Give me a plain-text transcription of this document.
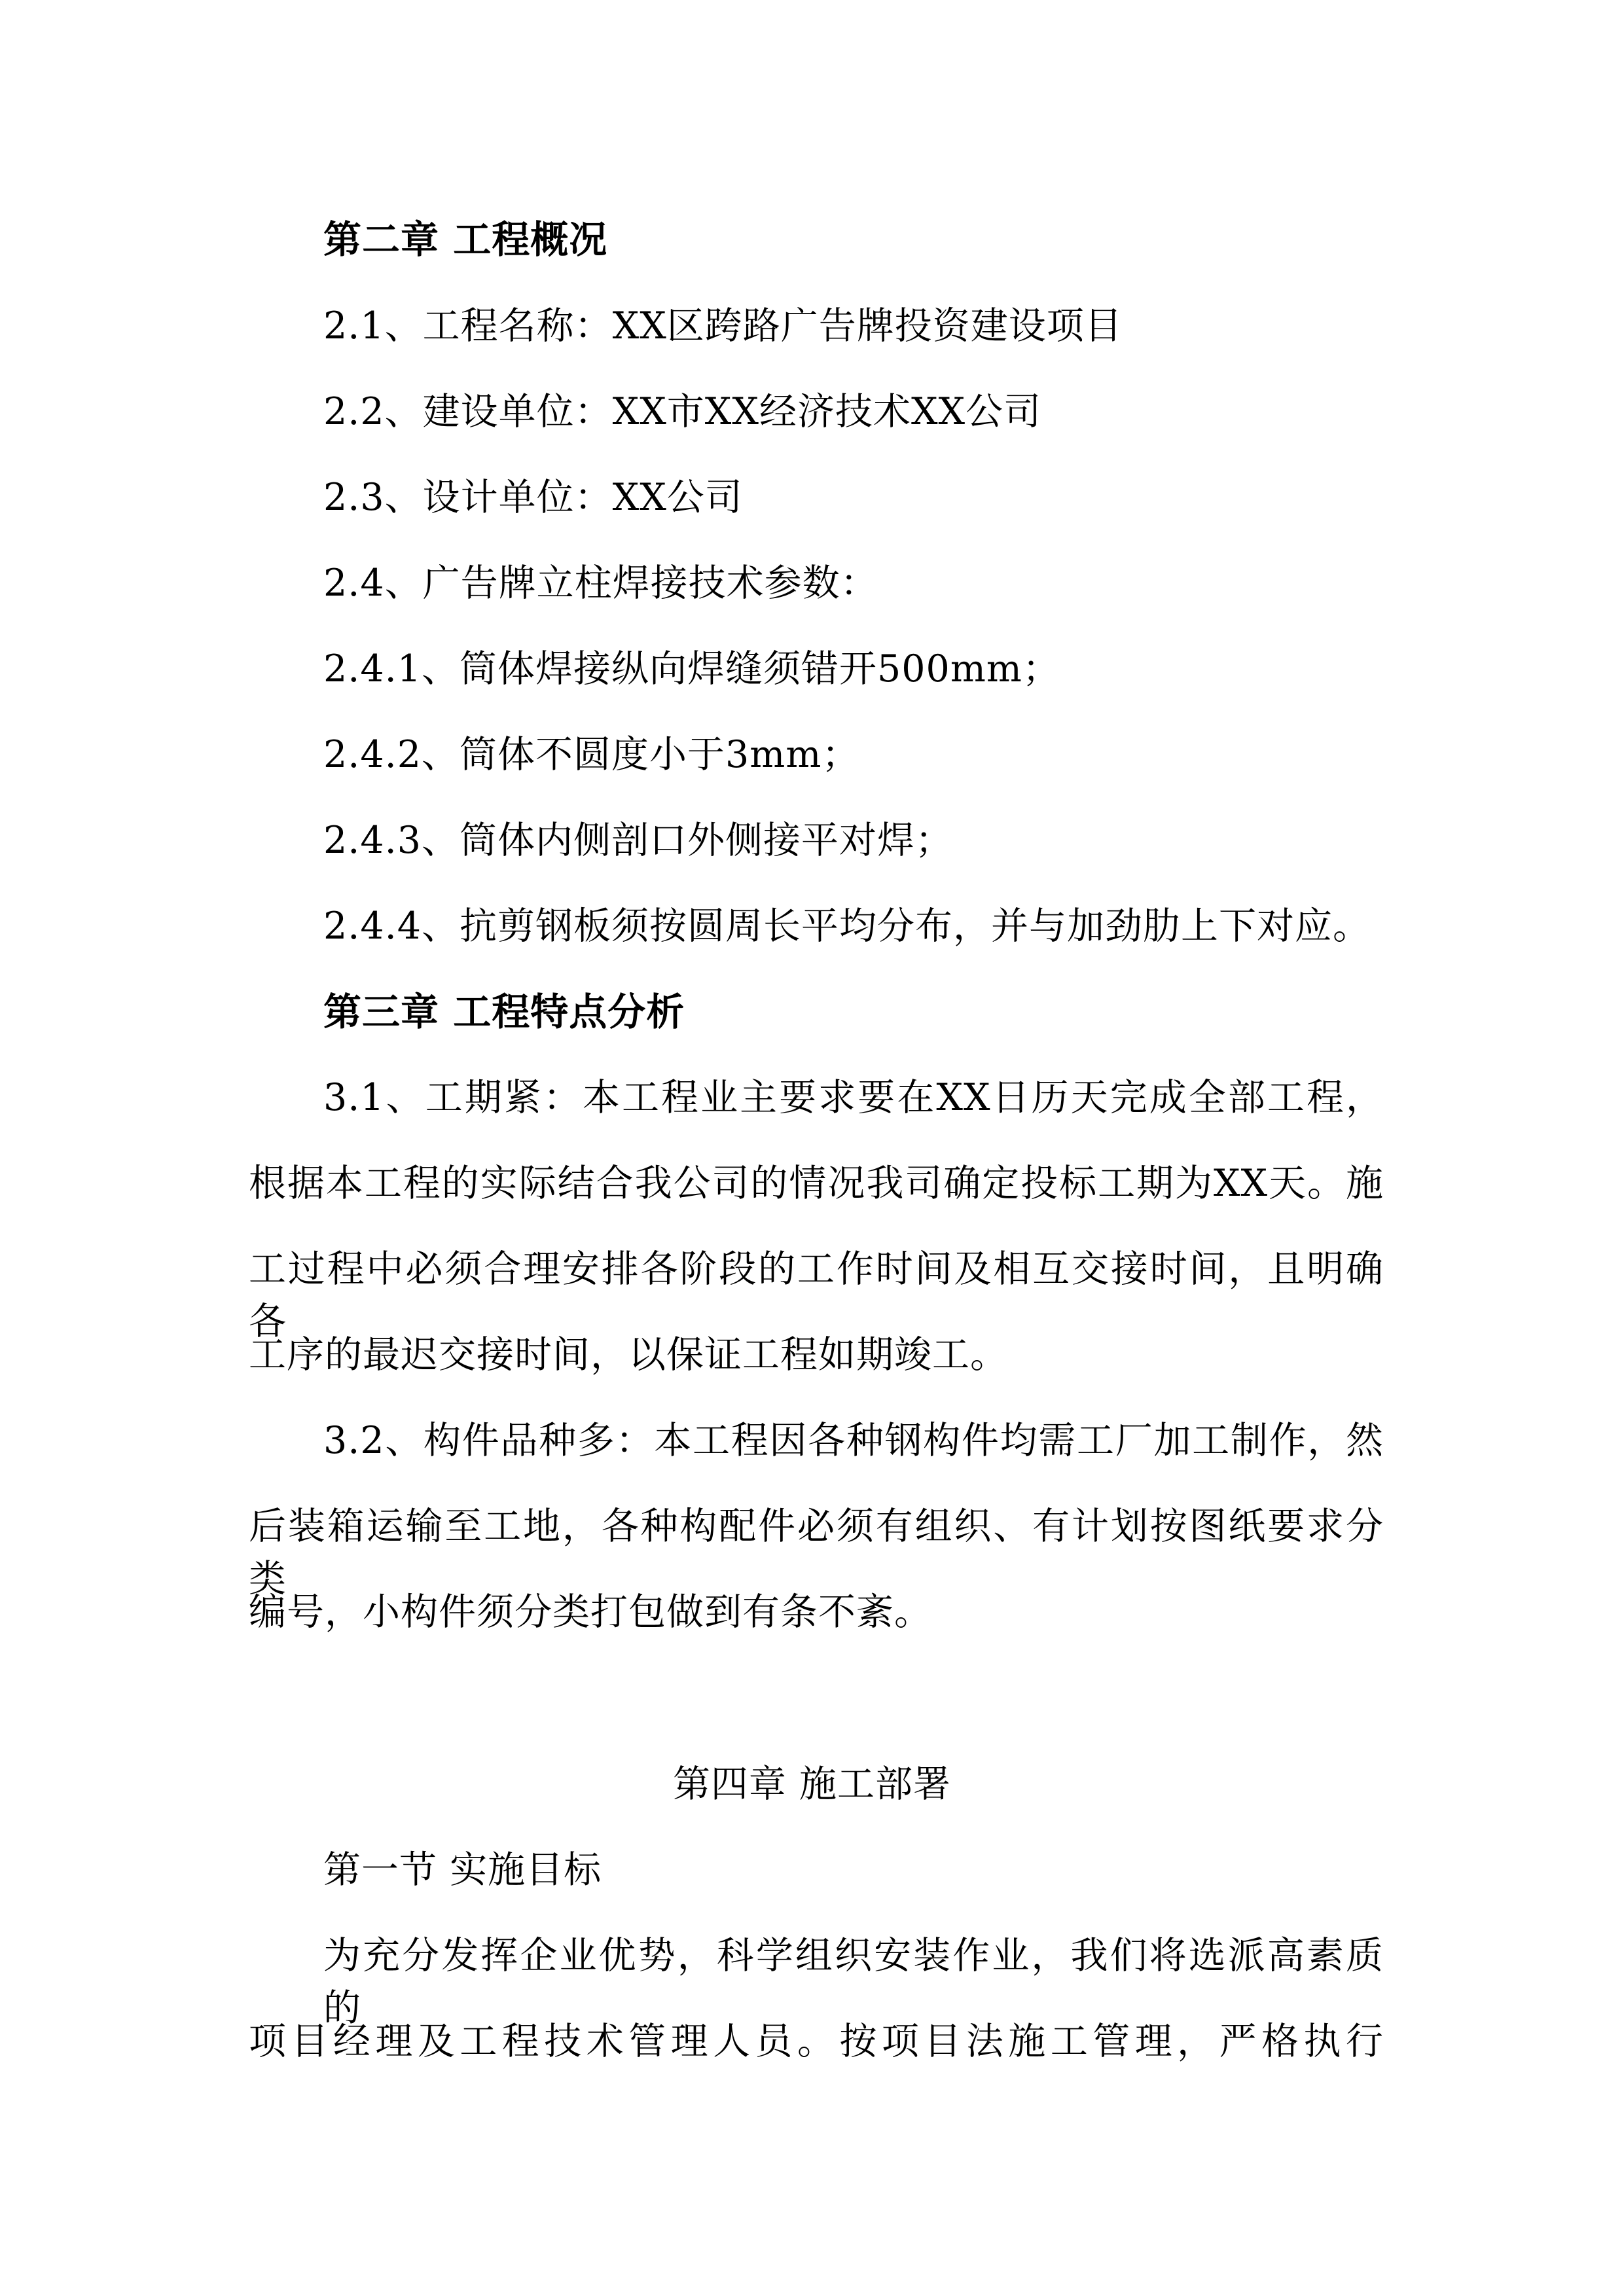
第二章 工程概况
2.1、工程名称：XX区跨路广告牌投资建设项目
2.2、建设单位：XX市XX经济技术XX公司
2.3、设计单位：XX公司
2.4、广告牌立柱焊接技术参数：
2.4.1、筒体焊接纵向焊缝须错开500mm；
2.4.2、筒体不圆度小于3mm；
2.4.3、筒体内侧剖口外侧接平对焊；
2.4.4、抗剪钢板须按圆周长平均分布，并与加劲肋上下对应。
第三章 工程特点分析
3.1、工期紧：本工程业主要求要在XX日历天完成全部工程，
根据本工程的实际结合我公司的情况我司确定投标工期为XX天。施
工过程中必须合理安排各阶段的工作时间及相互交接时间，且明确各
工序的最迟交接时间，以保证工程如期竣工。
3.2、构件品种多：本工程因各种钢构件均需工厂加工制作，然
后装箱运输至工地，各种构配件必须有组织、有计划按图纸要求分类
编号，小构件须分类打包做到有条不紊。
第四章 施工部署
第一节 实施目标
为充分发挥企业优势，科学组织安装作业，我们将选派高素质的
项目经理及工程技术管理人员。按项目法施工管理，严格执行
